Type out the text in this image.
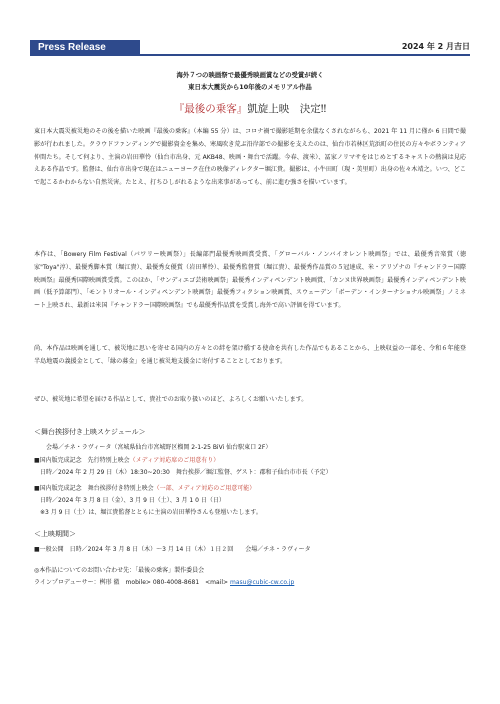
Press Release	2024 年 2 月吉日
海外７つの映画祭で最優秀映画賞などの受賞が続く
東日本大震災から10年後のメモリアル作品
『最後の乗客』凱旋上映　決定‼

東日本大震災被災地のその後を描いた映画『最後の乗客』（本編 55 分）は、コロナ禍で撮影延期を余儀なくされながらも、2021 年 11 月に僅か 6 日間で撮影が行われました。クラウドファンディングで撮影資金を集め、寒風吹き荒ぶ沿岸部での撮影を支えたのは、仙台市若林区荒浜町の住民の方々やボランティア仲間たち。そして何より、主演の岩田華怜（仙台市出身、元 AKB48、映画・舞台で活躍。今春、渡米）、冨家ノリマサをはじめとするキャストの熱演は見応えある作品です。監督は、仙台市出身で現在はニューヨーク在住の映像ディレクター堀江貴。撮影は、小牛田町（現・美里町）出身の佐々木靖之。いつ、どこで起こるかわからない自然災害。たとえ、打ちひしがれるような出来事があっても、前に進む強さを描いています。

本作は、「Bowery Film Festival（バワリー映画祭）」長編部門最優秀映画賞受賞、「グローバル・ノンバイオレント映画祭」では、最優秀音楽賞（徳家"Toya"淳）、最優秀脚本賞（堀江貴）、最優秀女優賞（岩田華怜）、最優秀監督賞（堀江貴）、最優秀作品賞の５冠達成、米・アリゾナの『チャンドラー国際映画祭』最優秀国際映画賞受賞。このほか、「サンディエゴ芸術映画祭」最優秀インディペンデント映画賞、「カンヌ世界映画祭」最優秀インディペンデント映画（低予算部門）、「モントリオール・インディペンデント映画祭」最優秀フィクション映画賞、スウェーデン「ボーデン・インターナショナル映画祭」ノミネート上映され、最新は米国『チャンドラー国際映画祭』でも最優秀作品賞を受賞し海外で高い評価を得ています。

尚、本作品は映画を通して、被災地に思いを寄せる国内の方々との絆を架け橋する使命を共有した作品でもあることから、上映収益の一部を、令和６年能登半島地震の義援金として、「縁の募金」を通じ被災地支援金に寄付することとしております。

ぜひ、被災地に希望を届ける作品として、貴社でのお取り扱いのほど、よろしくお願いいたします。

＜舞台挨拶付き上映スケジュール＞
会場／チネ・ラヴィータ（宮城県仙台市宮城野区榴岡 2-1-25 BiVi 仙台駅東口 2F）
■国内版完成記念　先行特別上映会（メディア対応席のご用意有り）
日時／2024 年 2 月 29 日（木）18:30~20:30　舞台挨拶／堀江監督、ゲスト：郡和子仙台市市長（予定）
■国内版完成記念　舞台挨拶付き特別上映会（一部、メディア対応のご用意可能）
日時／2024 年 3 月 8 日（金）、3 月 9 日（土）、3 月 1 0 日（日）
※3 月 9 日（土）は、堀江貴監督とともに主演の岩田華怜さんも登壇いたします。
＜上映期間＞
■一般公開　日時／2024 年 3 月 8 日（木）～3 月 14 日（木）１日２回　　会場／チネ・ラヴィータ
◎本作品についてのお問い合わせ先：「最後の乗客」製作委員会
ラインプロデューサー：桝形 徹　mobile> 080-4008-8681　<mail> masu@cubic-cw.co.jp
